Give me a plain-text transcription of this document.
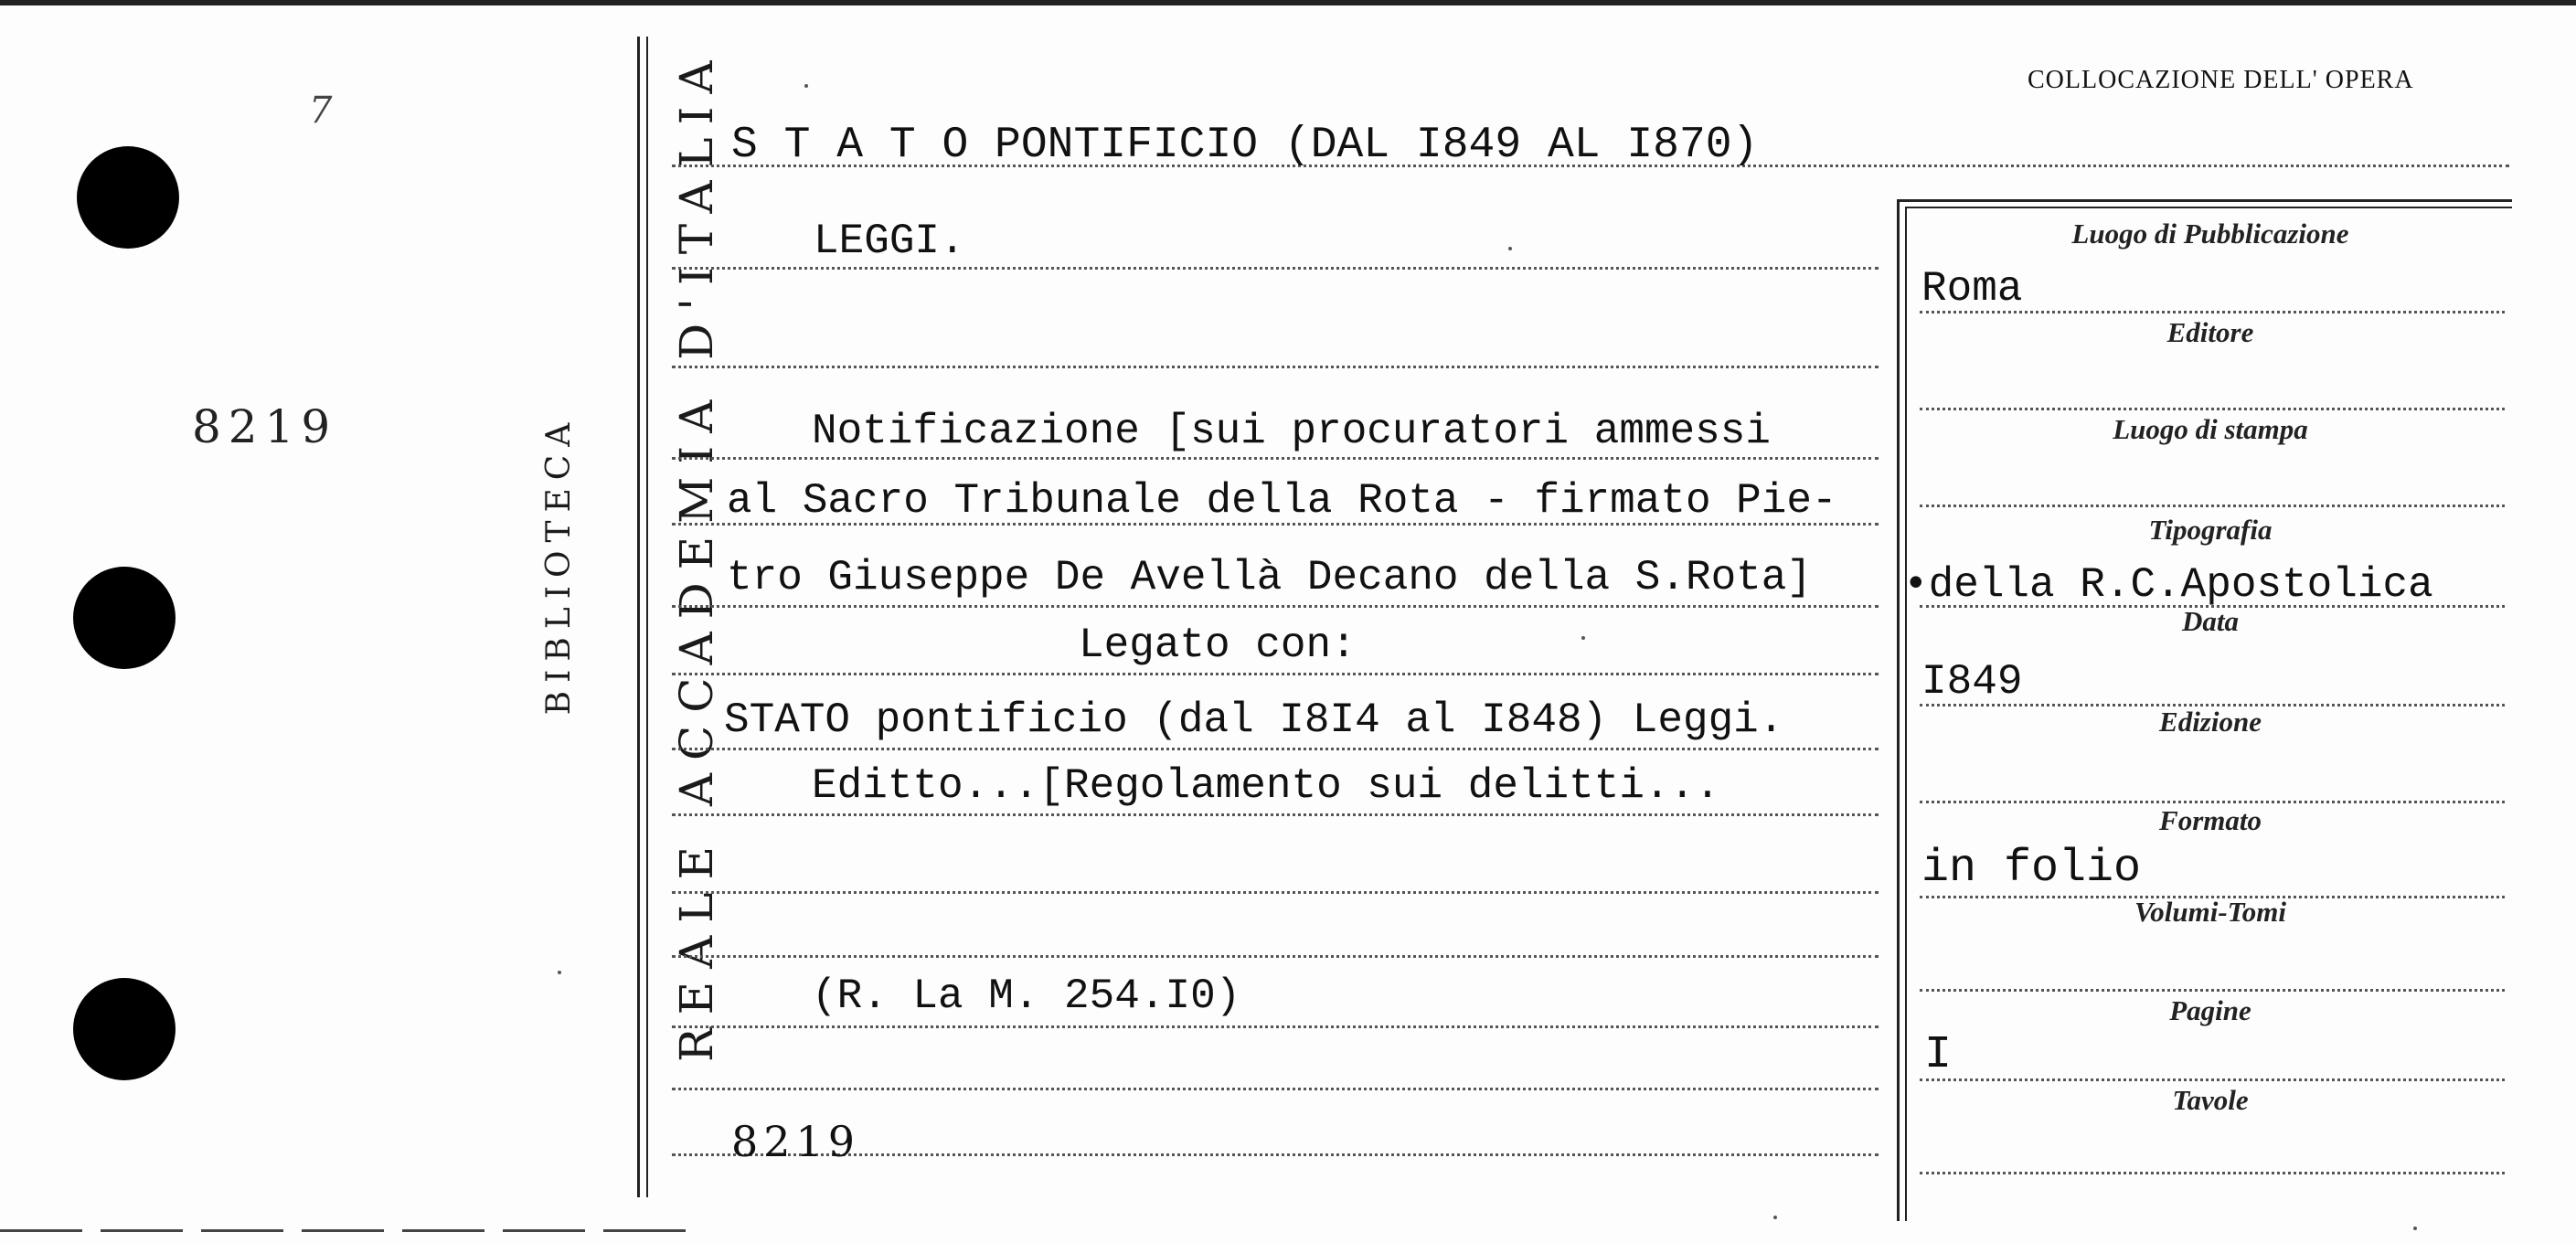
7
8219	REALE ACCADEMIA D'ITALIA
BIBLIOTECA
COLLOCAZIONE DELL' OPERA
S T A T O PONTIFICIO (DAL I849 AL I870)
LEGGI.
Notificazione [sui procuratori ammessi
al Sacro Tribunale della Rota - firmato Pie-
tro Giuseppe De Avellà Decano della S.Rota]
Legato con:
STATO pontificio (dal I8I4 al I848) Leggi.
Editto...[Regolamento sui delitti...
(R. La M. 254.I0)
8219
Luogo di Pubblicazione
Roma
Editore
Luogo di stampa
Tipografia
•della R.C.Apostolica
Data
I849
Edizione
Formato
in folio
Volumi-Tomi
Pagine
I
Tavole
